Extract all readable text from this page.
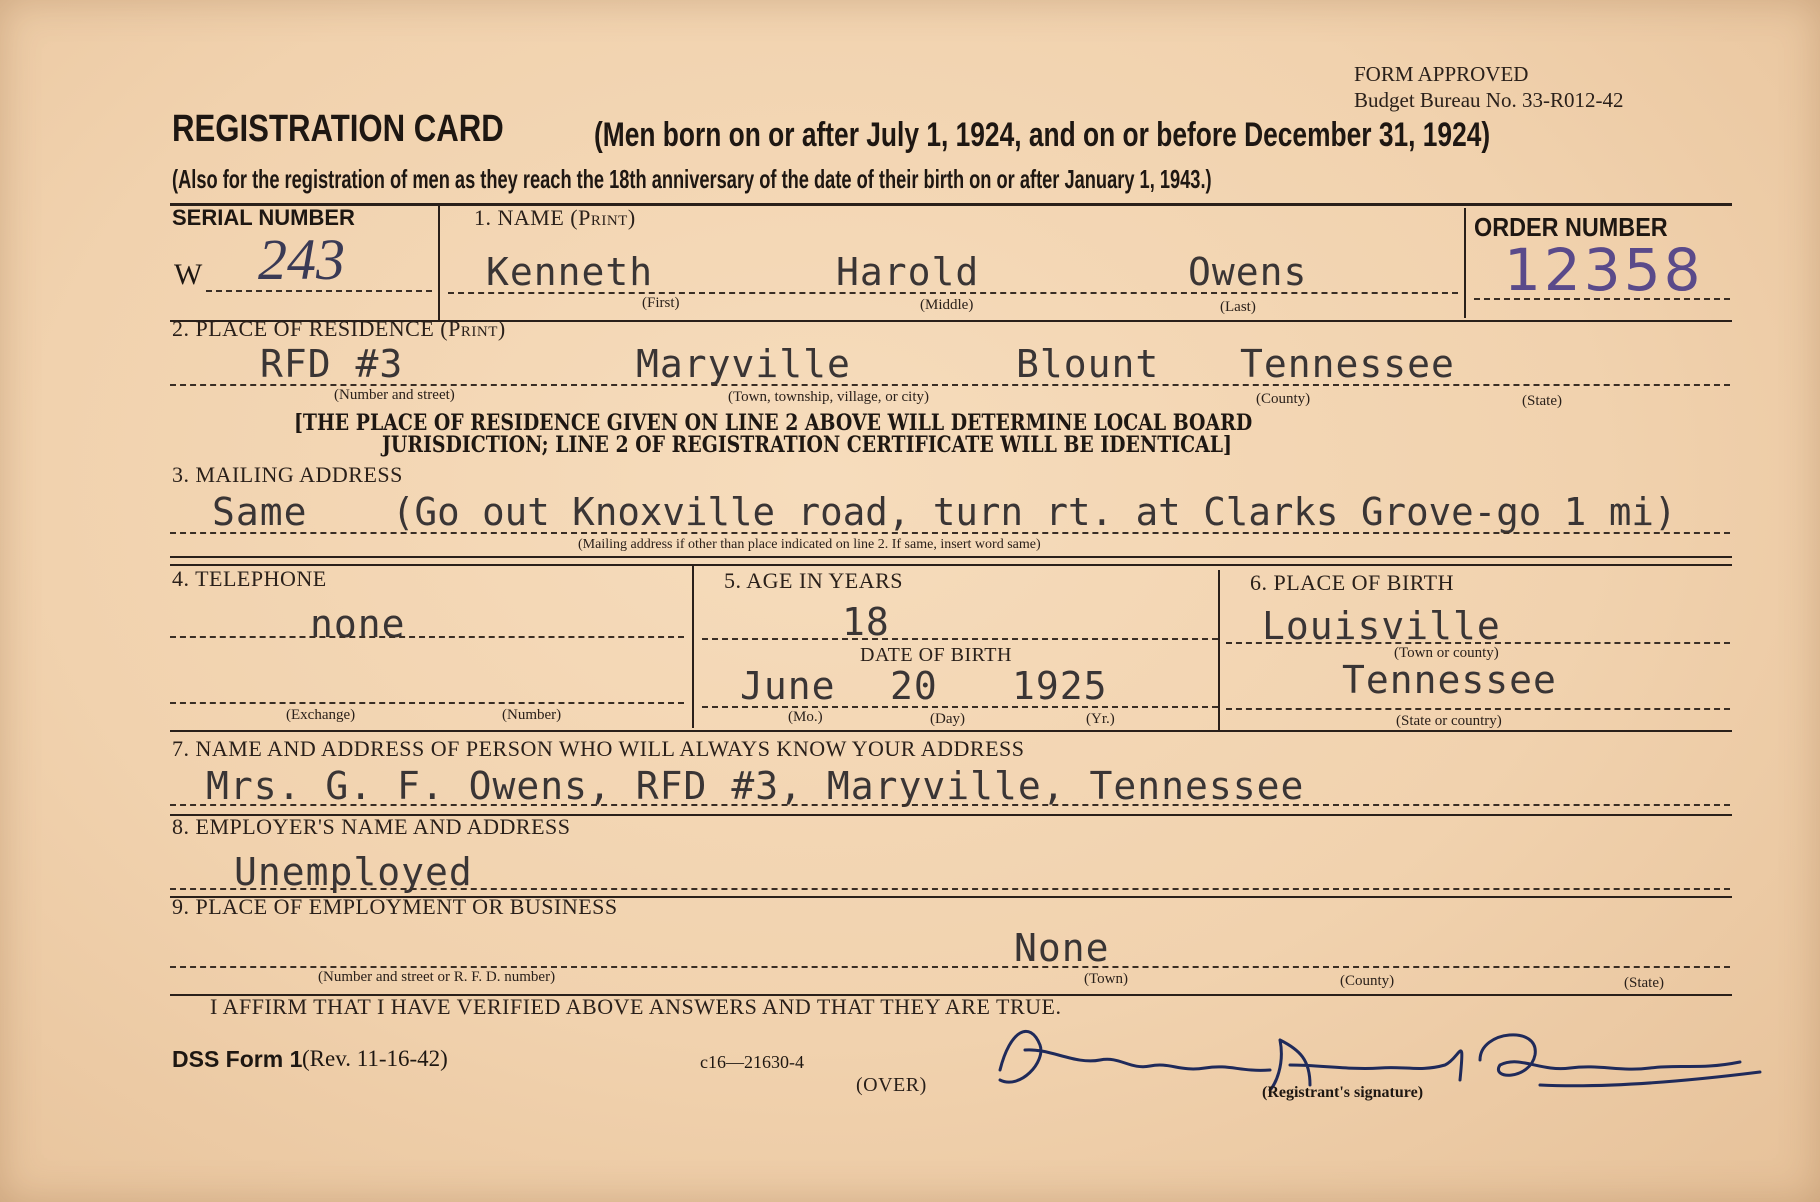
FORM APPROVED
Budget Bureau No. 33-R012-42
REGISTRATION CARD	(Men born on or after July 1, 1924, and on or before December 31, 1924)
(Also for the registration of men as they reach the 18th anniversary of the date of their birth on or after January 1, 1943.)
SERIAL NUMBER
W 243
1. NAME (Print)
Kenneth	Harold	Owens
(First)	(Middle)	(Last)
ORDER NUMBER
12358
2. PLACE OF RESIDENCE (Print)
RFD #3	Maryville	Blount Tennessee
(Number and street)	(Town, township, village, or city)	(County)	(State)
[THE PLACE OF RESIDENCE GIVEN ON LINE 2 ABOVE WILL DETERMINE LOCAL BOARD
JURISDICTION; LINE 2 OF REGISTRATION CERTIFICATE WILL BE IDENTICAL]
3. MAILING ADDRESS
Same (Go out Knoxville road, turn rt. at Clarks Grove-go 1 mi)
(Mailing address if other than place indicated on line 2. If same, insert word same)
4. TELEPHONE
none
(Exchange)	(Number)
5. AGE IN YEARS
18
DATE OF BIRTH
June 20 1925
(Mo.)	(Day)	(Yr.)
6. PLACE OF BIRTH
Louisville
(Town or county)
Tennessee
(State or country)
7. NAME AND ADDRESS OF PERSON WHO WILL ALWAYS KNOW YOUR ADDRESS
Mrs. G. F. Owens, RFD #3, Maryville, Tennessee
8. EMPLOYER'S NAME AND ADDRESS
Unemployed
9. PLACE OF EMPLOYMENT OR BUSINESS
None
(Number and street or R. F. D. number)	(Town)	(County)	(State)
I AFFIRM THAT I HAVE VERIFIED ABOVE ANSWERS AND THAT THEY ARE TRUE.
DSS Form 1 (Rev. 11-16-42)	c16—21630-4
(OVER)	(Registrant's signature)
